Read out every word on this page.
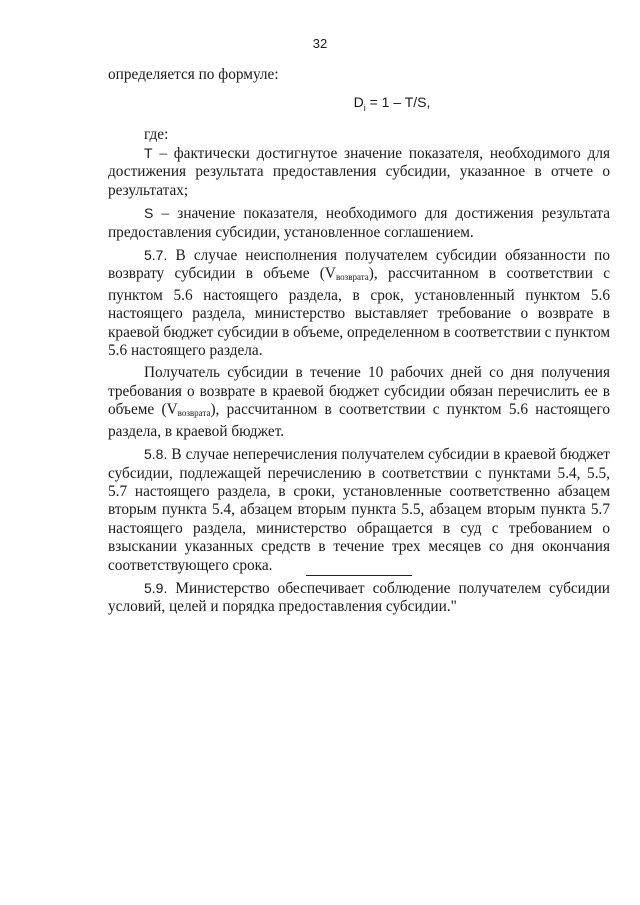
32

определяется по формуле:

$D_i = 1 - T/S$,

где:

T – фактически достигнутое значение показателя, необходимого для достижения результата предоставления субсидии, указанное в отчете о результатах;

S – значение показателя, необходимого для достижения результата предоставления субсидии, установленное соглашением.

5.7. В случае неисполнения получателем субсидии обязанности по возврату субсидии в объеме $(V_{возврата})$, рассчитанном в соответствии с пунктом 5.6 настоящего раздела, в срок, установленный пунктом 5.6 настоящего раздела, министерство выставляет требование о возврате в краевой бюджет субсидии в объеме, определенном в соответствии с пунктом 5.6 настоящего раздела.

Получатель субсидии в течение 10 рабочих дней со дня получения требования о возврате в краевой бюджет субсидии обязан перечислить ее в объеме $(V_{возврата})$, рассчитанном в соответствии с пунктом 5.6 настоящего раздела, в краевой бюджет.

5.8. В случае неперечисления получателем субсидии в краевой бюджет субсидии, подлежащей перечислению в соответствии с пунктами 5.4, 5.5, 5.7 настоящего раздела, в сроки, установленные соответственно абзацем вторым пункта 5.4, абзацем вторым пункта 5.5, абзацем вторым пункта 5.7 настоящего раздела, министерство обращается в суд с требованием о взыскании указанных средств в течение трех месяцев со дня окончания соответствующего срока.

5.9. Министерство обеспечивает соблюдение получателем субсидии условий, целей и порядка предоставления субсидии."
